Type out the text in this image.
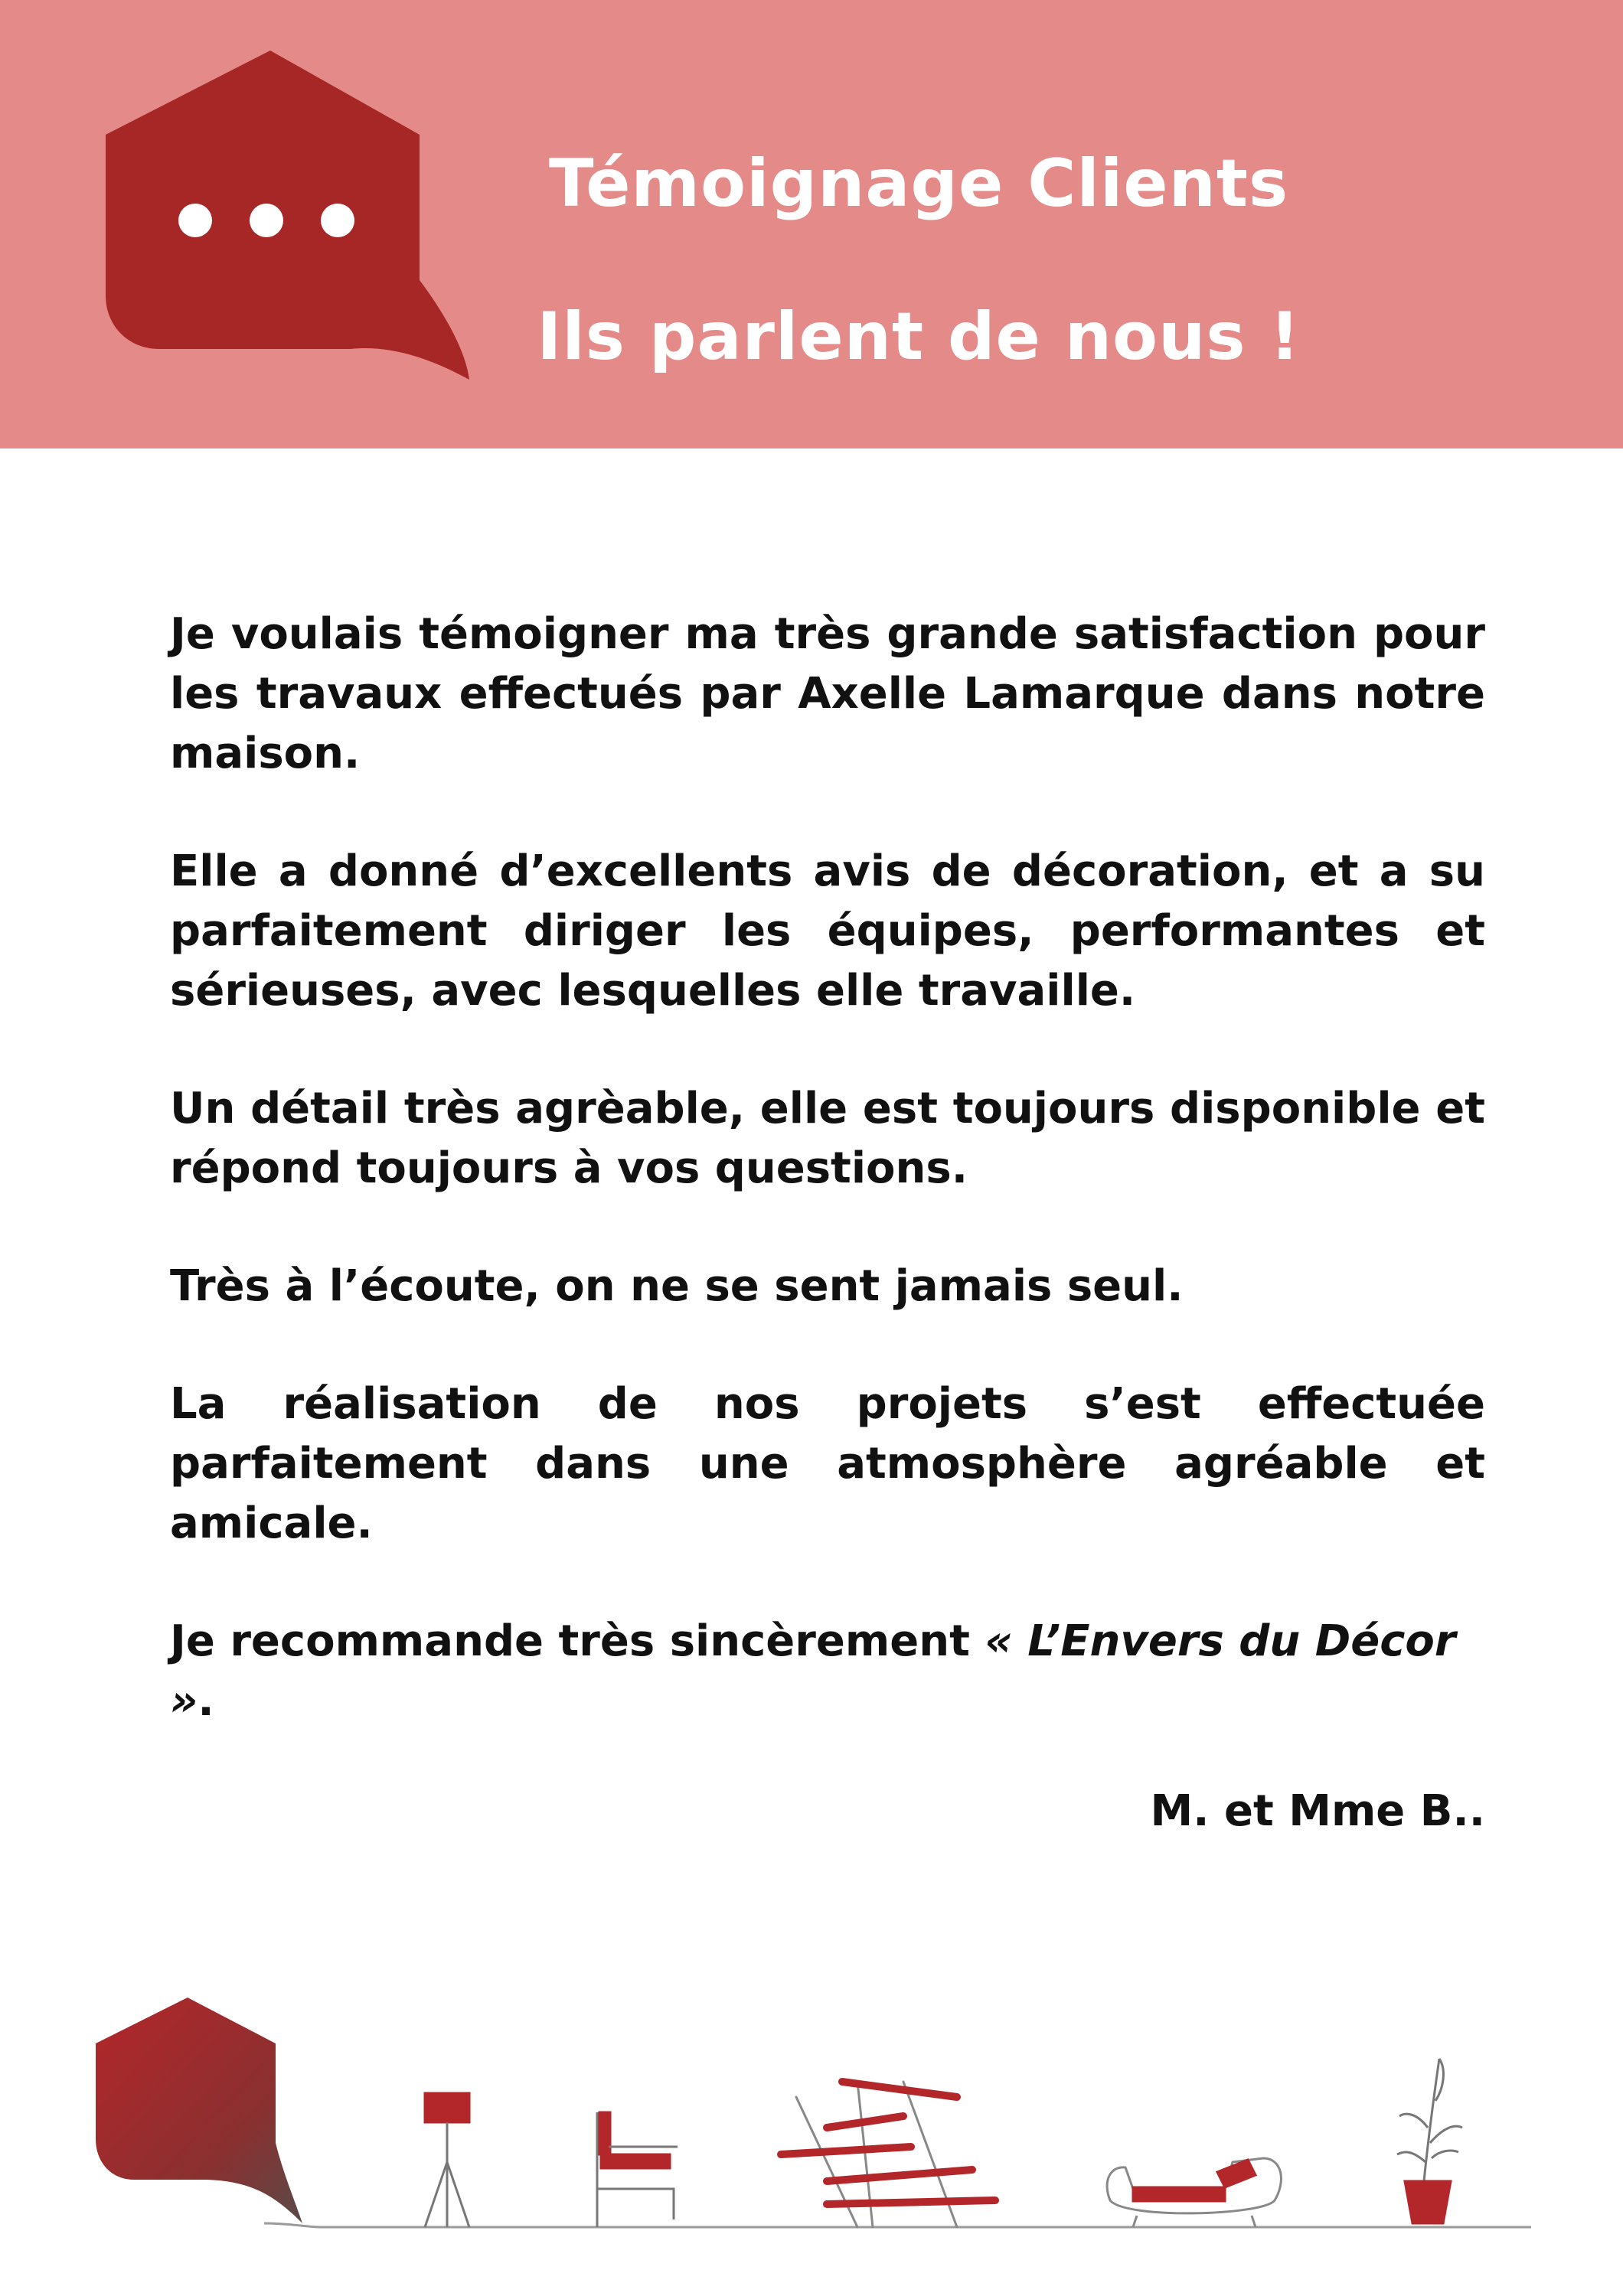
Témoignage Clients
Ils parlent de nous !

Je voulais témoigner ma très grande satisfaction pour les travaux effectués par Axelle Lamarque dans notre maison.

Elle a donné d’excellents avis de décoration, et a su parfaitement diriger les équipes, performantes et sérieuses, avec lesquelles elle travaille.

Un détail très agrèable, elle est toujours disponible et répond toujours à vos questions.

Très à l’écoute, on ne se sent jamais seul.

La réalisation de nos projets s’est effectuée parfaitement dans une atmosphère agréable et amicale.

Je recommande très sincèrement « L’Envers du Décor ».

M. et Mme B..
